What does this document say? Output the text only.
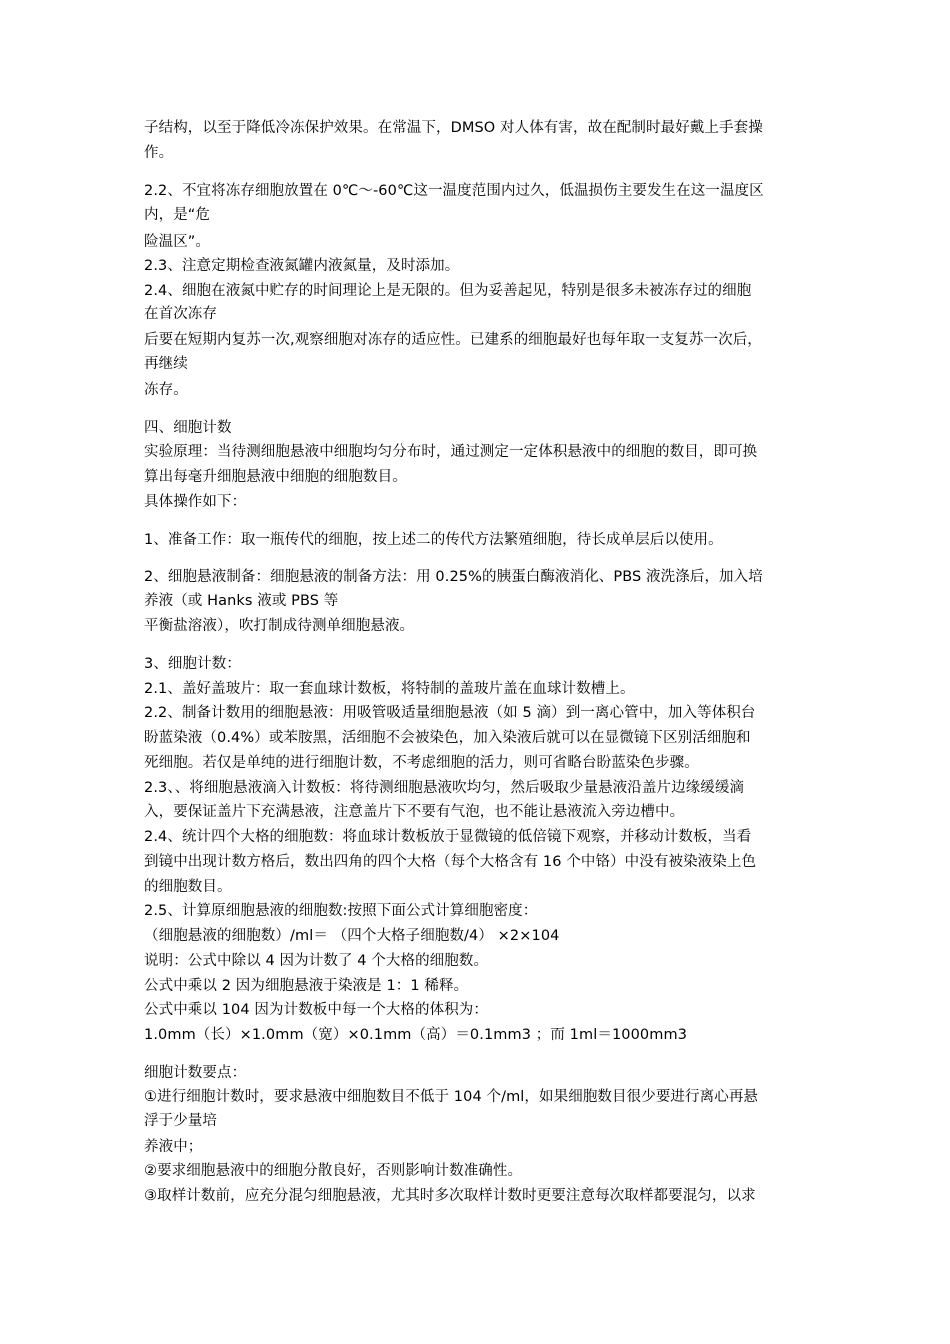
子结构，以至于降低冷冻保护效果。在常温下，DMSO 对人体有害，故在配制时最好戴上手套操
作。
2.2、不宜将冻存细胞放置在 0℃～-60℃这一温度范围内过久，低温损伤主要发生在这一温度区
内，是“危
险温区”。
2.3、注意定期检查液氮罐内液氮量，及时添加。
2.4、细胞在液氮中贮存的时间理论上是无限的。但为妥善起见，特别是很多未被冻存过的细胞
在首次冻存
后要在短期内复苏一次,观察细胞对冻存的适应性。已建系的细胞最好也每年取一支复苏一次后，
再继续
冻存。
四、细胞计数
实验原理：当待测细胞悬液中细胞均匀分布时，通过测定一定体积悬液中的细胞的数目，即可换
算出每毫升细胞悬液中细胞的细胞数目。
具体操作如下：
1、准备工作：取一瓶传代的细胞，按上述二的传代方法繁殖细胞，待长成单层后以使用。
2、细胞悬液制备：细胞悬液的制备方法：用 0.25%的胰蛋白酶液消化、PBS 液洗涤后，加入培
养液（或 Hanks 液或 PBS 等
平衡盐溶液），吹打制成待测单细胞悬液。
3、细胞计数：
2.1、盖好盖玻片：取一套血球计数板，将特制的盖玻片盖在血球计数槽上。
2.2、制备计数用的细胞悬液：用吸管吸适量细胞悬液（如 5 滴）到一离心管中，加入等体积台
盼蓝染液（0.4%）或苯胺黑，活细胞不会被染色，加入染液后就可以在显微镜下区别活细胞和
死细胞。若仅是单纯的进行细胞计数，不考虑细胞的活力，则可省略台盼蓝染色步骤。
2.3、、将细胞悬液滴入计数板：将待测细胞悬液吹均匀，然后吸取少量悬液沿盖片边缘缓缓滴
入，要保证盖片下充满悬液，注意盖片下不要有气泡，也不能让悬液流入旁边槽中。
2.4、统计四个大格的细胞数：将血球计数板放于显微镜的低倍镜下观察，并移动计数板，当看
到镜中出现计数方格后，数出四角的四个大格（每个大格含有 16 个中铬）中没有被染液染上色
的细胞数目。
2.5、计算原细胞悬液的细胞数:按照下面公式计算细胞密度：
（细胞悬液的细胞数）/ml＝ （四个大格子细胞数/4） ×2×104
说明：公式中除以 4 因为计数了 4 个大格的细胞数。
公式中乘以 2 因为细胞悬液于染液是 1：1 稀释。
公式中乘以 104 因为计数板中每一个大格的体积为：
1.0mm（长）×1.0mm（宽）×0.1mm（高）＝0.1mm3 ；而 1ml＝1000mm3
细胞计数要点：
①进行细胞计数时，要求悬液中细胞数目不低于 104 个/ml，如果细胞数目很少要进行离心再悬
浮于少量培
养液中；
②要求细胞悬液中的细胞分散良好，否则影响计数准确性。
③取样计数前，应充分混匀细胞悬液，尤其时多次取样计数时更要注意每次取样都要混匀，以求
